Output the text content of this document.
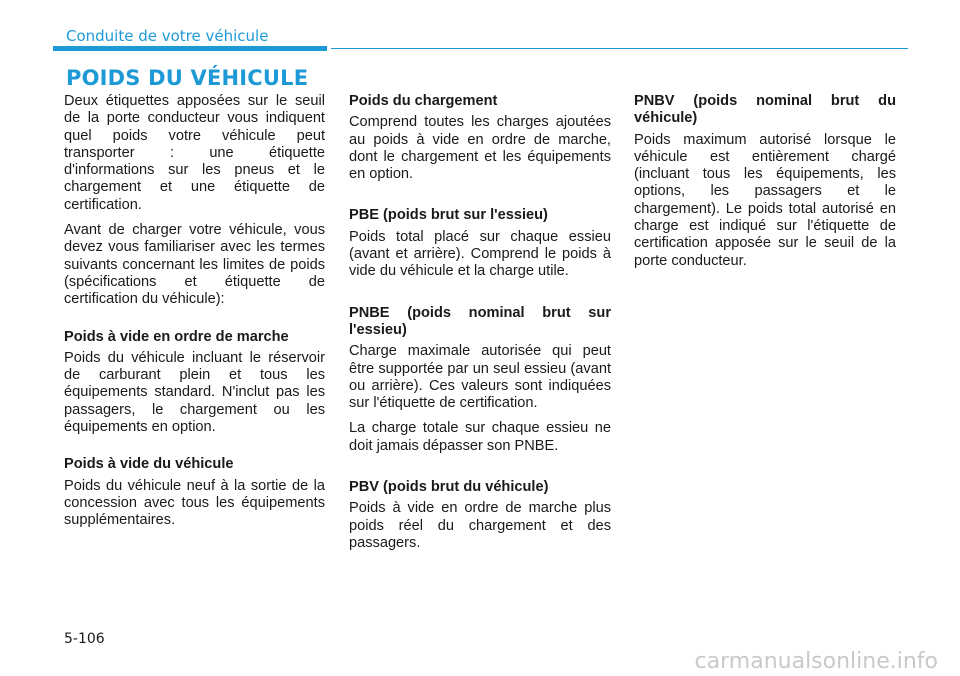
Conduite de votre véhicule
POIDS DU VÉHICULE

Deux étiquettes apposées sur le seuil de la porte conducteur vous indiquent quel poids votre véhicule peut transporter : une étiquette d'informations sur les pneus et le chargement et une étiquette de certification.

Avant de charger votre véhicule, vous devez vous familiariser avec les termes suivants concernant les limites de poids (spécifications et étiquette de certification du véhicule):

Poids à vide en ordre de marche

Poids du véhicule incluant le réservoir de carburant plein et tous les équipements standard. N'inclut pas les passagers, le chargement ou les équipements en option.

Poids à vide du véhicule

Poids du véhicule neuf à la sortie de la concession avec tous les équipements supplémentaires.

Poids du chargement

Comprend toutes les charges ajoutées au poids à vide en ordre de marche, dont le chargement et les équipements en option.

PBE (poids brut sur l'essieu)

Poids total placé sur chaque essieu (avant et arrière). Comprend le poids à vide du véhicule et la charge utile.

PNBE (poids nominal brut sur l'essieu)

Charge maximale autorisée qui peut être supportée par un seul essieu (avant ou arrière). Ces valeurs sont indiquées sur l'étiquette de certification.

La charge totale sur chaque essieu ne doit jamais dépasser son PNBE.

PBV (poids brut du véhicule)

Poids à vide en ordre de marche plus poids réel du chargement et des passagers.

PNBV (poids nominal brut du véhicule)

Poids maximum autorisé lorsque le véhicule est entièrement chargé (incluant tous les équipements, les options, les passagers et le chargement). Le poids total autorisé en charge est indiqué sur l'étiquette de certification apposée sur le seuil de la porte conducteur.

5-106
carmanualsonline.info
